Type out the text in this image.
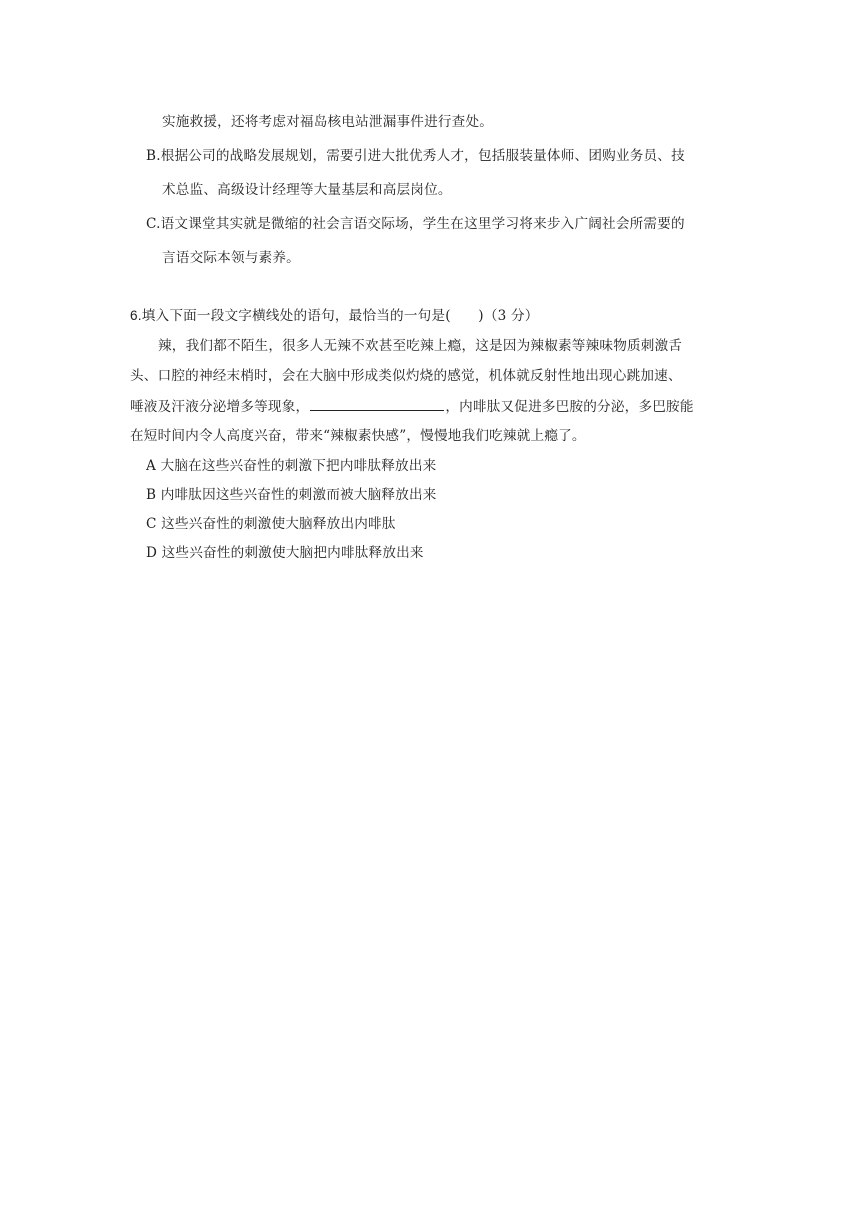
实施救援，还将考虑对福岛核电站泄漏事件进行查处。
B.根据公司的战略发展规划，需要引进大批优秀人才，包括服装量体师、团购业务员、技
术总监、高级设计经理等大量基层和高层岗位。
C.语文课堂其实就是微缩的社会言语交际场，学生在这里学习将来步入广阔社会所需要的
言语交际本领与素养。
6.填入下面一段文字横线处的语句，最恰当的一句是(　　)（3 分）
辣，我们都不陌生，很多人无辣不欢甚至吃辣上瘾，这是因为辣椒素等辣味物质刺激舌
头、口腔的神经末梢时，会在大脑中形成类似灼烧的感觉，机体就反射性地出现心跳加速、
唾液及汗液分泌增多等现象，	，内啡肽又促进多巴胺的分泌，多巴胺能
在短时间内令人高度兴奋，带来“辣椒素快感”，慢慢地我们吃辣就上瘾了。
A 大脑在这些兴奋性的刺激下把内啡肽释放出来
B 内啡肽因这些兴奋性的刺激而被大脑释放出来
C 这些兴奋性的刺激使大脑释放出内啡肽
D 这些兴奋性的刺激使大脑把内啡肽释放出来
